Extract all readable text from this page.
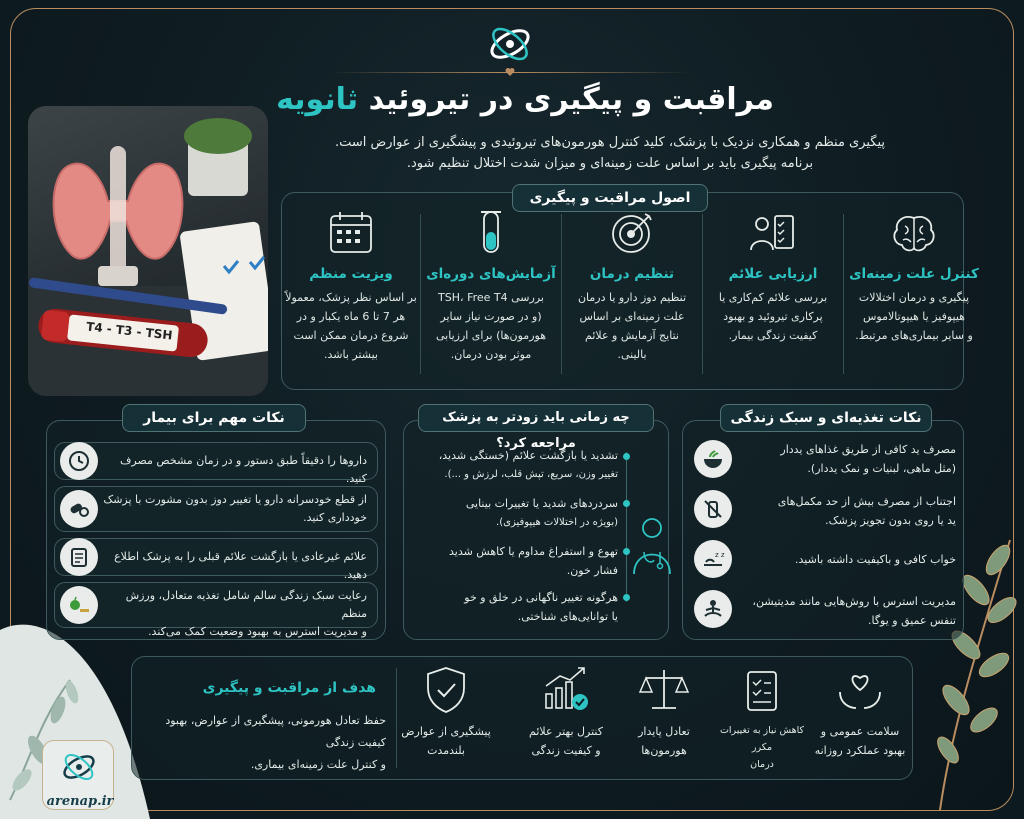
مراقبت و پیگیری در تیروئید ثانویه
پیگیری منظم و همکاری نزدیک با پزشک، کلید کنترل هورمون‌های تیروئیدی و پیشگیری از عوارض است.
برنامه پیگیری باید بر اساس علت زمینه‌ای و میزان شدت اختلال تنظیم شود.
T4 - T3 - TSH
اصول مراقبت و پیگیری
کنترل علت زمینه‌ای
پیگیری و درمان اختلالات
هیپوفیز یا هیپوتالاموس
و سایر بیماری‌های مرتبط.
ارزیابی علائم
بررسی علائم کم‌کاری یا
پرکاری تیروئید و بهبود
کیفیت زندگی بیمار.
تنظیم درمان
تنظیم دوز دارو یا درمان
علت زمینه‌ای بر اساس
نتایج آزمایش و علائم
بالینی.
آزمایش‌های دوره‌ای
بررسی TSH، Free T4
(و در صورت نیاز سایر
هورمون‌ها) برای ارزیابی
موثر بودن درمان.
ویزیت منظم
بر اساس نظر پزشک، معمولاً
هر 7 تا 6 ماه یکبار و در
شروع درمان ممکن است
بیشتر باشد.
نکات مهم برای بیمار
داروها را دقیقاً طبق دستور و در زمان مشخص مصرف کنید.
از قطع خودسرانه دارو یا تغییر دوز بدون مشورت با پزشک
خودداری کنید.
علائم غیرعادی یا بازگشت علائم قبلی را به پزشک اطلاع دهید.
رعایت سبک زندگی سالم شامل تغذیه متعادل، ورزش منظم
و مدیریت استرس به بهبود وضعیت کمک می‌کند.
چه زمانی باید زودتر به پزشک مراجعه کرد؟
تشدید یا بازگشت علائم (خستگی شدید،
تغییر وزن، سریع، تپش قلب، لرزش و ...).
سردردهای شدید یا تغییرات بینایی
(بویژه در اختلالات هیپوفیزی).
تهوع و استفراغ مداوم یا کاهش شدید
فشار خون.
هرگونه تغییر ناگهانی در خلق و خو
یا توانایی‌های شناختی.
نکات تغذیه‌ای و سبک زندگی
مصرف ید کافی از طریق غذاهای یددار
(مثل ماهی، لبنیات و نمک یددار).
اجتناب از مصرف بیش از حد مکمل‌های
ید یا روی بدون تجویز پزشک.
z z	خواب کافی و باکیفیت داشته باشید.
مدیریت استرس با روش‌هایی مانند مدیتیشن،
تنفس عمیق و یوگا.
سلامت عمومی و
بهبود عملکرد روزانه
کاهش نیاز به تغییرات مکرر
درمان
تعادل پایدار
هورمون‌ها
کنترل بهتر علائم
و کیفیت زندگی
پیشگیری از عوارض
بلندمدت
هدف از مراقبت و پیگیری
حفظ تعادل هورمونی، پیشگیری از عوارض، بهبود کیفیت زندگی
و کنترل علت زمینه‌ای بیماری.
arenap.ir
